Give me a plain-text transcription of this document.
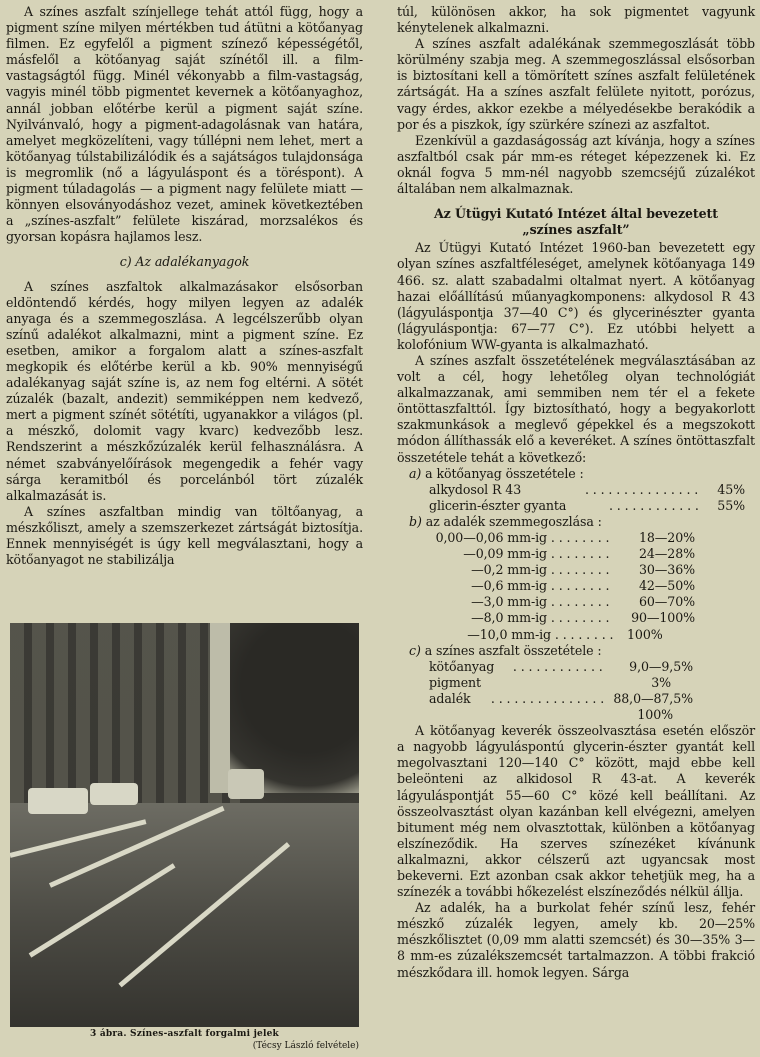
A színes aszfalt színjellege tehát attól függ, hogy a pigment színe milyen mértékben tud átütni a kötőanyag filmen. Ez egyfelől a pigment színező képességétől, másfelől a kötőanyag saját színétől ill. a film-vastagságtól függ. Minél vékonyabb a film-vastagság, vagyis minél több pigmentet kevernek a kötőanyaghoz, annál jobban előtérbe kerül a pigment saját színe. Nyilvánvaló, hogy a pigment-adagolásnak van határa, amelyet megközelíteni, vagy túllépni nem lehet, mert a kötőanyag túlstabilizálódik és a sajátságos tulajdonsága is megromlik (nő a lágyuláspont és a töréspont). A pigment túladagolás — a pigment nagy felülete miatt — könnyen elsoványodáshoz vezet, aminek következtében a „színes-aszfalt” felülete kiszárad, morzsalékos és gyorsan kopásra hajlamos lesz.

c) Az adalékanyagok

A színes aszfaltok alkalmazásakor elsősorban eldöntendő kérdés, hogy milyen legyen az adalék anyaga és a szemmegoszlása. A legcélszerűbb olyan színű adalékot alkalmazni, mint a pigment színe. Ez esetben, amikor a forgalom alatt a színes-aszfalt megkopik és előtérbe kerül a kb. 90% mennyiségű adalékanyag saját színe is, az nem fog eltérni. A sötét zúzalék (bazalt, andezit) semmiképpen nem kedvező, mert a pigment színét sötétíti, ugyanakkor a világos (pl. a mészkő, dolomit vagy kvarc) kedvezőbb lesz. Rendszerint a mészkőzúzalék kerül felhasználásra. A német szabványelőírások megengedik a fehér vagy sárga keramitból és porcelánból tört zúzalék alkalmazását is.

A színes aszfaltban mindig van töltőanyag, a mészkőliszt, amely a szemszerkezet zártságát biztosítja. Ennek mennyiségét is úgy kell megválasztani, hogy a kötőanyagot ne stabilizálja

3 ábra. Színes-aszfalt forgalmi jelek
(Técsy László felvétele)

túl, különösen akkor, ha sok pigmentet vagyunk kénytelenek alkalmazni.

A színes aszfalt adalékának szemmegoszlását több körülmény szabja meg. A szemmegoszlással elsősorban is biztosítani kell a tömörített színes aszfalt felületének zártságát. Ha a színes aszfalt felülete nyitott, porózus, vagy érdes, akkor ezekbe a mélyedésekbe berakódik a por és a piszkok, így szürkére színezi az aszfaltot.

Ezenkívül a gazdaságosság azt kívánja, hogy a színes aszfaltból csak pár mm-es réteget képezzenek ki. Ez oknál fogva 5 mm-nél nagyobb szemcséjű zúzalékot általában nem alkalmaznak.

Az Útügyi Kutató Intézet által bevezetett
„színes aszfalt”

Az Útügyi Kutató Intézet 1960-ban bevezetett egy olyan színes aszfaltféleséget, amelynek kötőanyaga 149 466. sz. alatt szabadalmi oltalmat nyert. A kötőanyag hazai előállítású műanyagkomponens: alkydosol R 43 (lágyuláspontja 37—40 C°) és glycerinészter gyanta (lágyuláspontja: 67—77 C°). Ez utóbbi helyett a kolofónium WW-gyanta is alkalmazható.

A színes aszfalt összetételének megválasztásában az volt a cél, hogy lehetőleg olyan technológiát alkalmazzanak, ami semmiben nem tér el a fekete öntöttaszfalttól. Így biztosítható, hogy a begyakorlott szakmunkások a meglevő gépekkel és a megszokott módon állíthassák elő a keveréket. A színes öntöttaszfalt összetétele tehát a következő:

a)
a kötőanyag összetétele :
alkydosol R 43	. . . . . . . . . . . . . . .	45%
glicerin-észter gyanta	. . . . . . . . . . . .	55%
b)
az adalék szemmegoszlása :
0,00—0,06 mm-ig . . . . . . . .	18—20%
—0,09 mm-ig . . . . . . . .	24—28%
—0,2 mm-ig . . . . . . . .	30—36%
—0,6 mm-ig . . . . . . . .	42—50%
—3,0 mm-ig . . . . . . . .	60—70%
—8,0 mm-ig . . . . . . . .	90—100%
—10,0 mm-ig . . . . . . . .	100%
c)
a színes aszfalt összetétele :
kötőanyag	. . . . . . . . . . . .	9,0—9,5%
pigment	3%
adalék	. . . . . . . . . . . . . . . 88,0—87,5%
100%

A kötőanyag keverék összeolvasztása esetén először a nagyobb lágyuláspontú glycerin-észter gyantát kell megolvasztani 120—140 C° között, majd ebbe kell beleönteni az alkidosol R 43-at. A keverék lágyuláspontját 55—60 C° közé kell beállítani. Az összeolvasztást olyan kazánban kell elvégezni, amelyen bitument még nem olvasztottak, különben a kötőanyag elszíneződik. Ha szerves színezéket kívánunk alkalmazni, akkor célszerű azt ugyancsak most bekeverni. Ezt azonban csak akkor tehetjük meg, ha a színezék a további hőkezelést elszíneződés nélkül állja.

Az adalék, ha a burkolat fehér színű lesz, fehér mészkő zúzalék legyen, amely kb. 20—25% mészkőlisztet (0,09 mm alatti szemcsét) és 30—35% 3—8 mm-es zúzalékszemcsét tartalmazzon. A többi frakció mészkődara ill. homok legyen. Sárga
